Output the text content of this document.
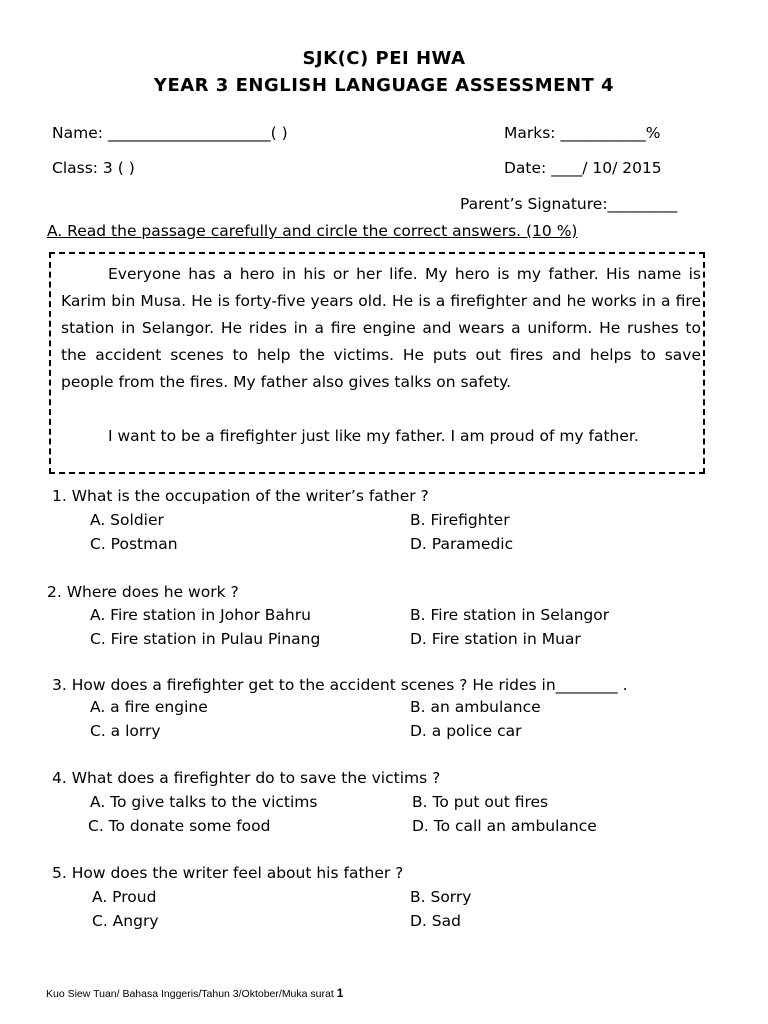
SJK(C) PEI HWA
YEAR 3 ENGLISH LANGUAGE ASSESSMENT 4
Name: _____________________( )	Marks: ___________%
Class: 3 ( )	Date: ____/ 10/ 2015
Parent’s Signature:_________
A. Read the passage carefully and circle the correct answers. (10 %)

Everyone has a hero in his or her life. My hero is my father. His name is Karim bin Musa. He is forty-five years old. He is a firefighter and he works in a fire station in Selangor. He rides in a fire engine and wears a uniform. He rushes to the accident scenes to help the victims. He puts out fires and helps to save people from the fires. My father also gives talks on safety.

I want to be a firefighter just like my father. I am proud of my father.

1. What is the occupation of the writer’s father ?
A. Soldier	B. Firefighter
C. Postman	D. Paramedic
2. Where does he work ?
A. Fire station in Johor Bahru	B. Fire station in Selangor
C. Fire station in Pulau Pinang	D. Fire station in Muar
3. How does a firefighter get to the accident scenes ? He rides in________ .
A. a fire engine	B. an ambulance
C. a lorry	D. a police car
4. What does a firefighter do to save the victims ?
A. To give talks to the victims	B. To put out fires
C. To donate some food	D. To call an ambulance
5. How does the writer feel about his father ?
A. Proud	B. Sorry
C. Angry	D. Sad
Kuo Siew Tuan/ Bahasa Inggeris/Tahun 3/Oktober/Muka surat 1
